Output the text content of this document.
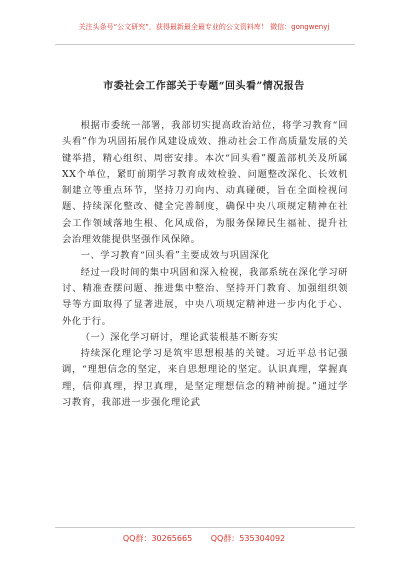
关注头条号“公文研究”，获得最新最全最专业的公文资料库！ 微信：gongwenyj
市委社会工作部关于专题“回头看”情况报告

根据市委统一部署，我部切实提高政治站位，将学习教育“回头看”作为巩固拓展作风建设成效、推动社会工作高质量发展的关键举措，精心组织、周密安排。本次“回头看”覆盖部机关及所属XX个单位，紧盯前期学习教育成效检验、问题整改深化、长效机制建立等重点环节，坚持刀刃向内、动真碰硬，旨在全面检视问题、持续深化整改、健全完善制度，确保中央八项规定精神在社会工作领域落地生根、化风成俗，为服务保障民生福祉、提升社会治理效能提供坚强作风保障。

一、学习教育“回头看”主要成效与巩固深化

经过一段时间的集中巩固和深入检视，我部系统在深化学习研讨、精准查摆问题、推进集中整治、坚持开门教育、加强组织领导等方面取得了显著进展，中央八项规定精神进一步内化于心、外化于行。

（一）深化学习研讨，理论武装根基不断夯实

持续深化理论学习是筑牢思想根基的关键。习近平总书记强调，“理想信念的坚定，来自思想理论的坚定。认识真理，掌握真理，信仰真理，捍卫真理，是坚定理想信念的精神前提。”通过学习教育，我部进一步强化理论武

QQ群：30265665 QQ群：535304092
